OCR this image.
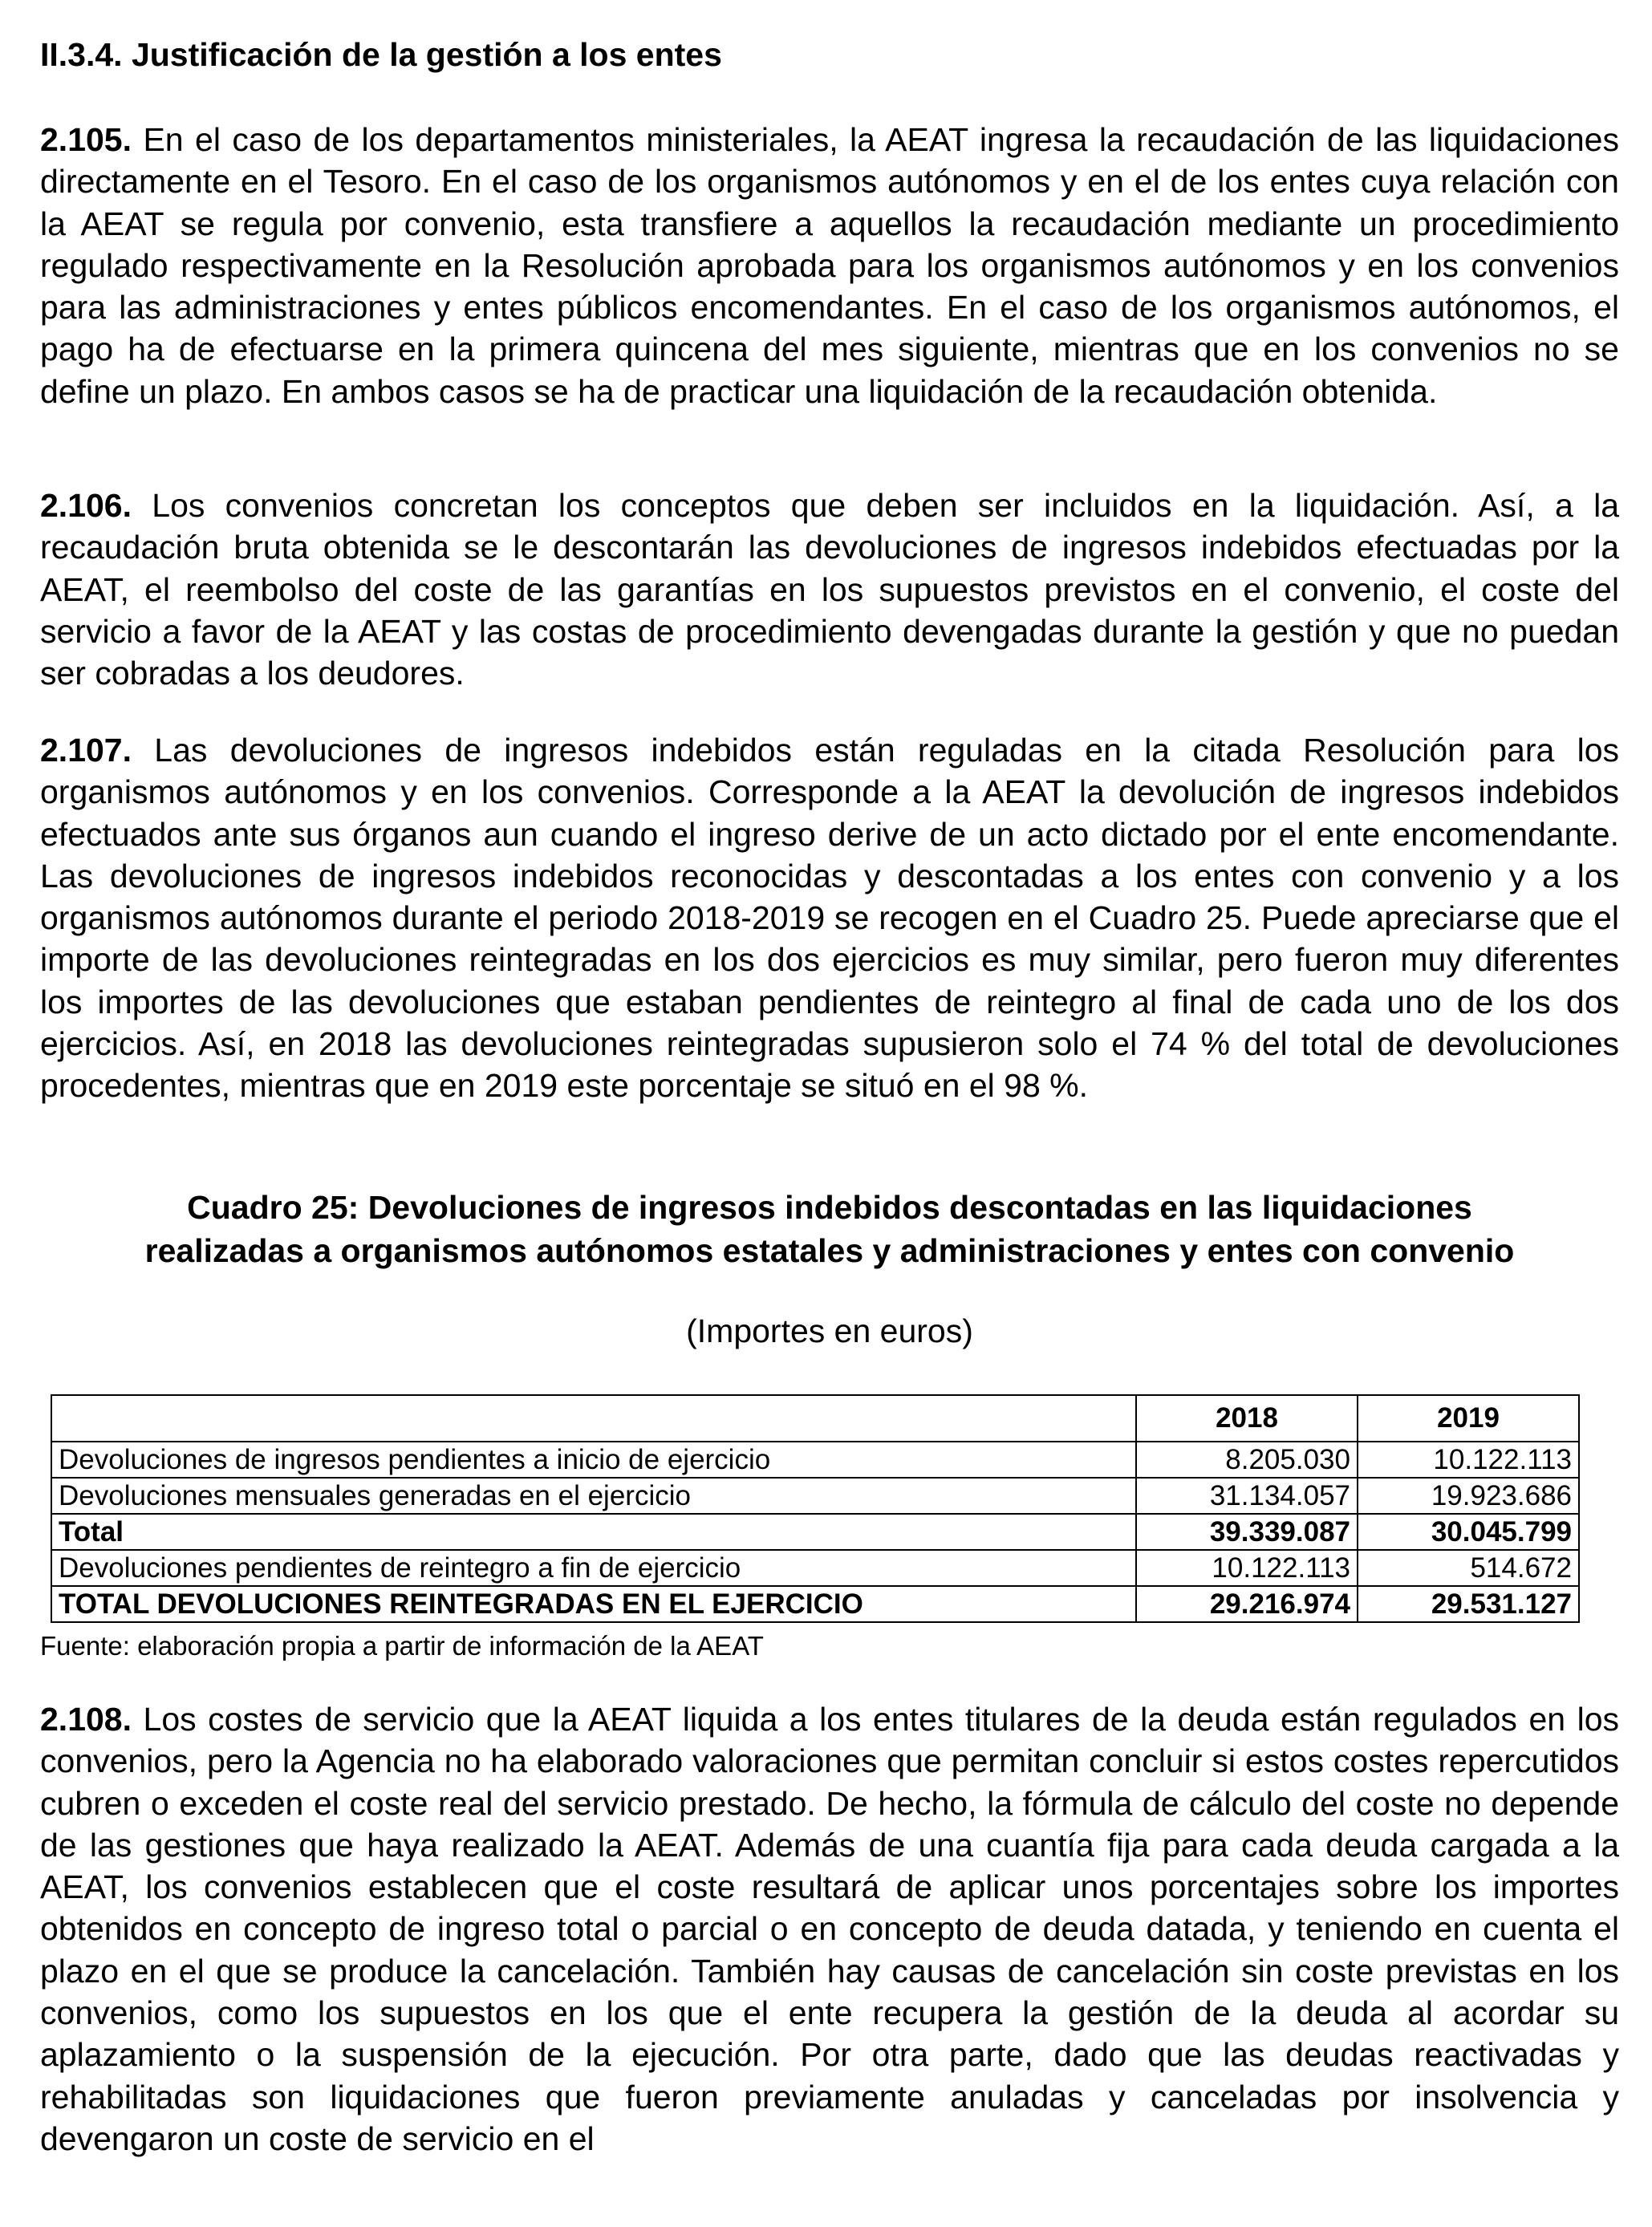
II.3.4. Justificación de la gestión a los entes

2.105. En el caso de los departamentos ministeriales, la AEAT ingresa la recaudación de las liquidaciones directamente en el Tesoro. En el caso de los organismos autónomos y en el de los entes cuya relación con la AEAT se regula por convenio, esta transfiere a aquellos la recaudación mediante un procedimiento regulado respectivamente en la Resolución aprobada para los organismos autónomos y en los convenios para las administraciones y entes públicos encomendantes. En el caso de los organismos autónomos, el pago ha de efectuarse en la primera quincena del mes siguiente, mientras que en los convenios no se define un plazo. En ambos casos se ha de practicar una liquidación de la recaudación obtenida.

2.106. Los convenios concretan los conceptos que deben ser incluidos en la liquidación. Así, a la recaudación bruta obtenida se le descontarán las devoluciones de ingresos indebidos efectuadas por la AEAT, el reembolso del coste de las garantías en los supuestos previstos en el convenio, el coste del servicio a favor de la AEAT y las costas de procedimiento devengadas durante la gestión y que no puedan ser cobradas a los deudores.

2.107. Las devoluciones de ingresos indebidos están reguladas en la citada Resolución para los organismos autónomos y en los convenios. Corresponde a la AEAT la devolución de ingresos indebidos efectuados ante sus órganos aun cuando el ingreso derive de un acto dictado por el ente encomendante. Las devoluciones de ingresos indebidos reconocidas y descontadas a los entes con convenio y a los organismos autónomos durante el periodo 2018-2019 se recogen en el Cuadro 25. Puede apreciarse que el importe de las devoluciones reintegradas en los dos ejercicios es muy similar, pero fueron muy diferentes los importes de las devoluciones que estaban pendientes de reintegro al final de cada uno de los dos ejercicios. Así, en 2018 las devoluciones reintegradas supusieron solo el 74 % del total de devoluciones procedentes, mientras que en 2019 este porcentaje se situó en el 98 %.

Cuadro 25: Devoluciones de ingresos indebidos descontadas en las liquidaciones
realizadas a organismos autónomos estatales y administraciones y entes con convenio
(Importes en euros)
	2018	2019
Devoluciones de ingresos pendientes a inicio de ejercicio	8.205.030	10.122.113
Devoluciones mensuales generadas en el ejercicio	31.134.057	19.923.686
Total	39.339.087	30.045.799
Devoluciones pendientes de reintegro a fin de ejercicio	10.122.113	514.672
TOTAL DEVOLUCIONES REINTEGRADAS EN EL EJERCICIO	29.216.974	29.531.127

Fuente: elaboración propia a partir de información de la AEAT

2.108. Los costes de servicio que la AEAT liquida a los entes titulares de la deuda están regulados en los convenios, pero la Agencia no ha elaborado valoraciones que permitan concluir si estos costes repercutidos cubren o exceden el coste real del servicio prestado. De hecho, la fórmula de cálculo del coste no depende de las gestiones que haya realizado la AEAT. Además de una cuantía fija para cada deuda cargada a la AEAT, los convenios establecen que el coste resultará de aplicar unos porcentajes sobre los importes obtenidos en concepto de ingreso total o parcial o en concepto de deuda datada, y teniendo en cuenta el plazo en el que se produce la cancelación. También hay causas de cancelación sin coste previstas en los convenios, como los supuestos en los que el ente recupera la gestión de la deuda al acordar su aplazamiento o la suspensión de la ejecución. Por otra parte, dado que las deudas reactivadas y rehabilitadas son liquidaciones que fueron previamente anuladas y canceladas por insolvencia y devengaron un coste de servicio en el
